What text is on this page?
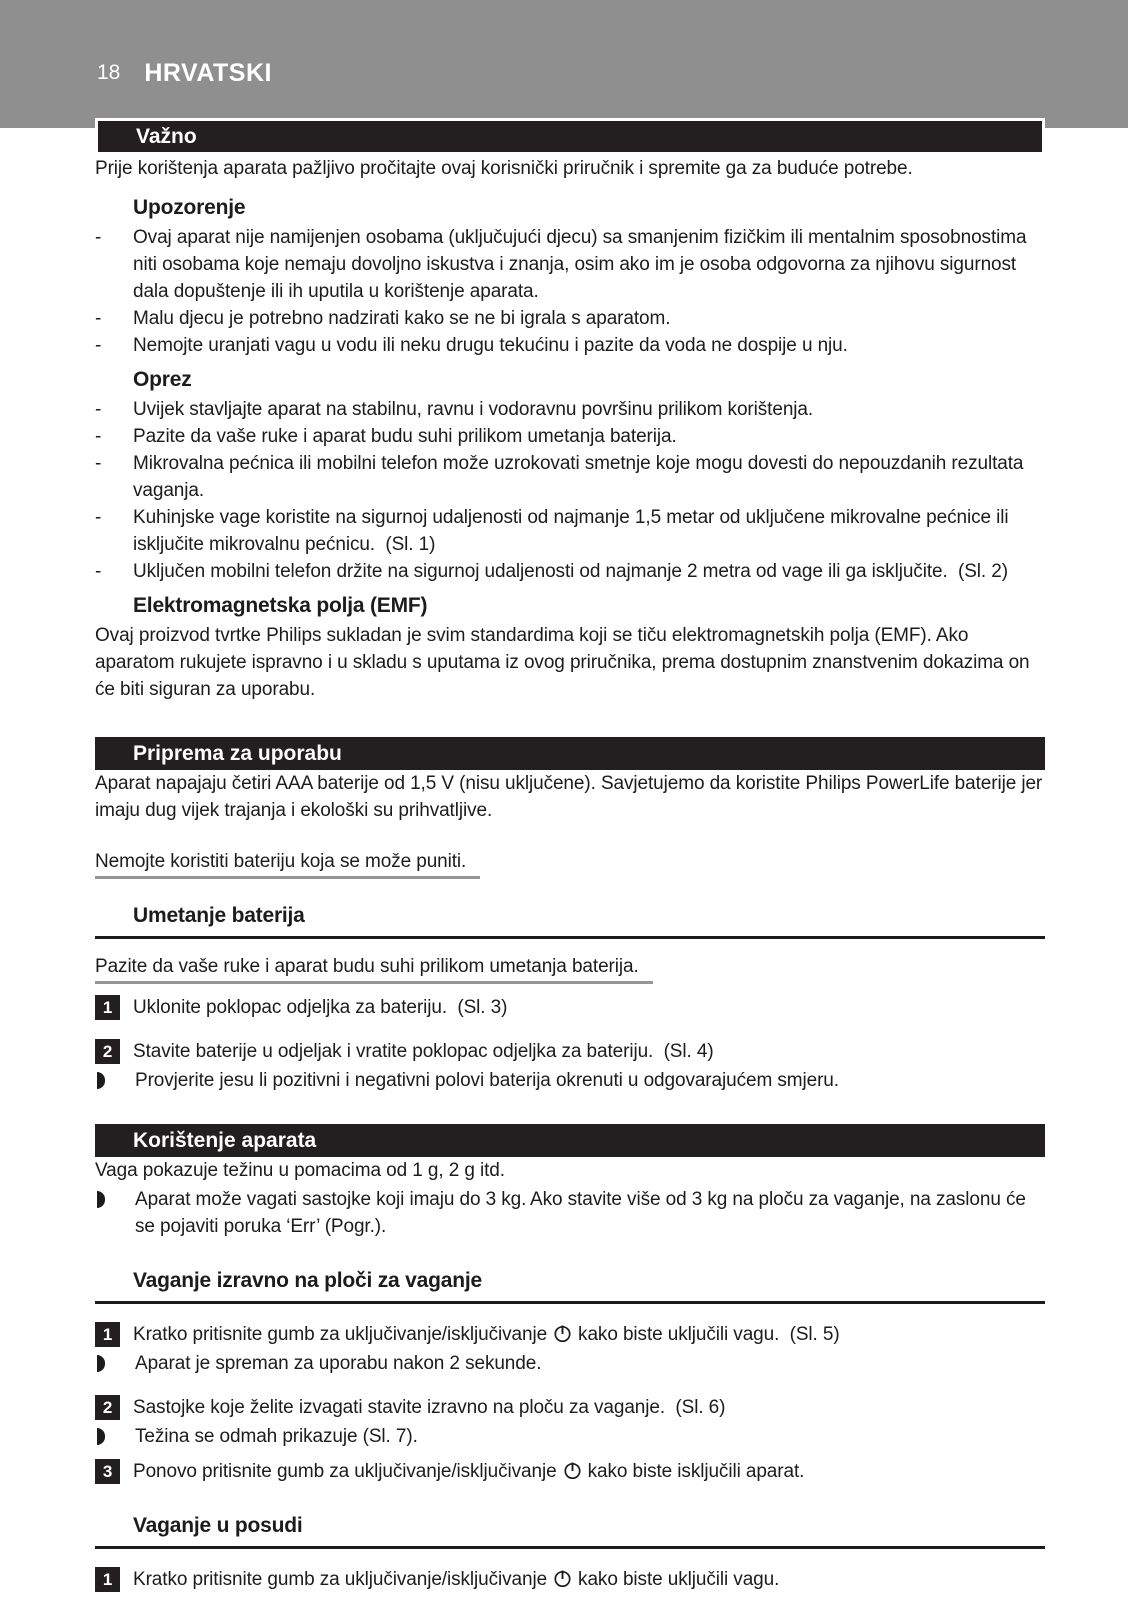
18 HRVATSKI
Važno

Prije korištenja aparata pažljivo pročitajte ovaj korisnički priručnik i spremite ga za buduće potrebe.

Upozorenje
-	Ovaj aparat nije namijenjen osobama (uključujući djecu) sa smanjenim fizičkim ili mentalnim sposobnostima niti osobama koje nemaju dovoljno iskustva i znanja, osim ako im je osoba odgovorna za njihovu sigurnost dala dopuštenje ili ih uputila u korištenje aparata.
-	Malu djecu je potrebno nadzirati kako se ne bi igrala s aparatom.
-	Nemojte uranjati vagu u vodu ili neku drugu tekućinu i pazite da voda ne dospije u nju.
Oprez
-	Uvijek stavljajte aparat na stabilnu, ravnu i vodoravnu površinu prilikom korištenja.
-	Pazite da vaše ruke i aparat budu suhi prilikom umetanja baterija.
-	Mikrovalna pećnica ili mobilni telefon može uzrokovati smetnje koje mogu dovesti do nepouzdanih rezultata vaganja.
-	Kuhinjske vage koristite na sigurnoj udaljenosti od najmanje 1,5 metar od uključene mikrovalne pećnice ili isključite mikrovalnu pećnicu.  (Sl. 1)
-	Uključen mobilni telefon držite na sigurnoj udaljenosti od najmanje 2 metra od vage ili ga isključite.  (Sl. 2)
Elektromagnetska polja (EMF)

Ovaj proizvod tvrtke Philips sukladan je svim standardima koji se tiču elektromagnetskih polja (EMF). Ako aparatom rukujete ispravno i u skladu s uputama iz ovog priručnika, prema dostupnim znanstvenim dokazima on će biti siguran za uporabu.

Priprema za uporabu

Aparat napajaju četiri AAA baterije od 1,5 V (nisu uključene). Savjetujemo da koristite Philips PowerLife baterije jer imaju dug vijek trajanja i ekološki su prihvatljive.

Nemojte koristiti bateriju koja se može puniti.

Umetanje baterija

Pazite da vaše ruke i aparat budu suhi prilikom umetanja baterija.

1	Uklonite poklopac odjeljka za bateriju.  (Sl. 3)
2	Stavite baterije u odjeljak i vratite poklopac odjeljka za bateriju.  (Sl. 4)
Provjerite jesu li pozitivni i negativni polovi baterija okrenuti u odgovarajućem smjeru.
Korištenje aparata

Vaga pokazuje težinu u pomacima od 1 g, 2 g itd.

Aparat može vagati sastojke koji imaju do 3 kg. Ako stavite više od 3 kg na ploču za vaganje, na zaslonu će se pojaviti poruka ‘Err’ (Pogr.).
Vaganje izravno na ploči za vaganje
1	Kratko pritisnite gumb za uključivanje/isključivanje kako biste uključili vagu.  (Sl. 5)
Aparat je spreman za uporabu nakon 2 sekunde.
2	Sastojke koje želite izvagati stavite izravno na ploču za vaganje.  (Sl. 6)
Težina se odmah prikazuje (Sl. 7).
3	Ponovo pritisnite gumb za uključivanje/isključivanje kako biste isključili aparat.
Vaganje u posudi
1	Kratko pritisnite gumb za uključivanje/isključivanje kako biste uključili vagu.
